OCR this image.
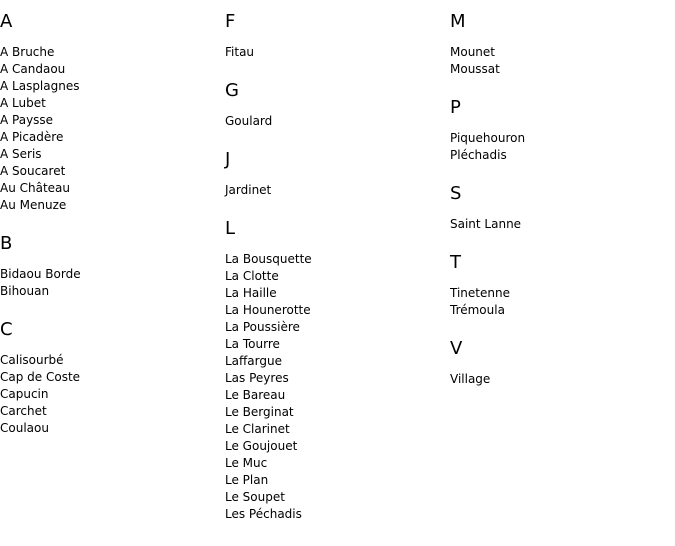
A
A Bruche
A Candaou
A Lasplagnes
A Lubet
A Paysse
A Picadère
A Seris
A Soucaret
Au Château
Au Menuze
B
Bidaou Borde
Bihouan
C
Calisourbé
Cap de Coste
Capucin
Carchet
Coulaou
F
Fitau
G
Goulard
J
Jardinet
L
La Bousquette
La Clotte
La Haille
La Hounerotte
La Poussière
La Tourre
Laffargue
Las Peyres
Le Bareau
Le Berginat
Le Clarinet
Le Goujouet
Le Muc
Le Plan
Le Soupet
Les Péchadis
M
Mounet
Moussat
P
Piquehouron
Pléchadis
S
Saint Lanne
T
Tinetenne
Trémoula
V
Village
